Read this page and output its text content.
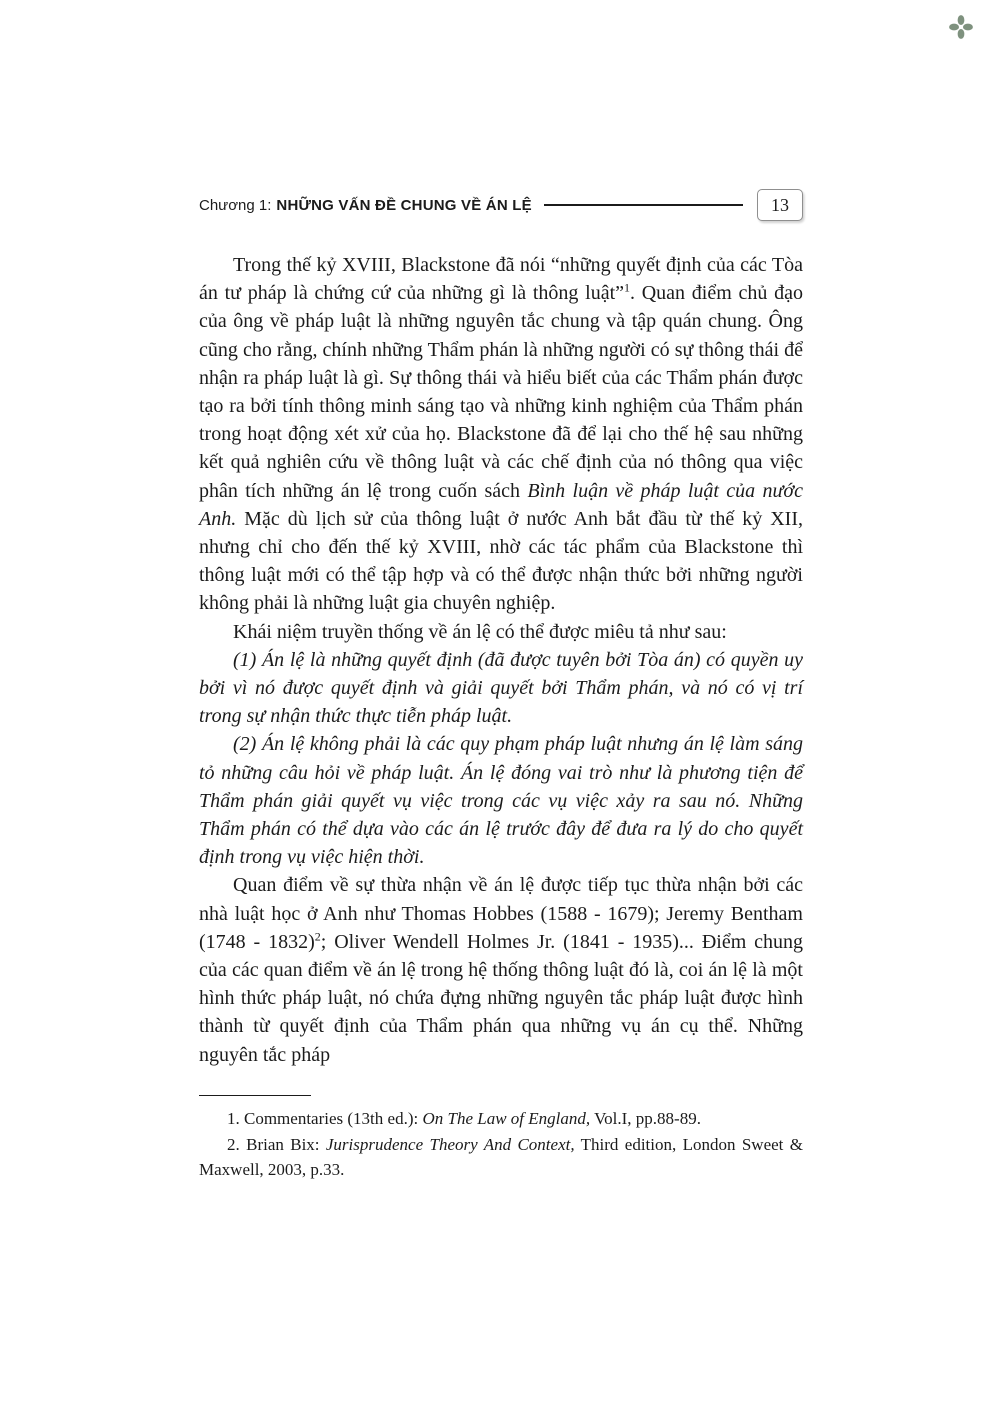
Chương 1: NHỮNG VẤN ĐỀ CHUNG VỀ ÁN LỆ	13

Trong thế kỷ XVIII, Blackstone đã nói “những quyết định của các Tòa án tư pháp là chứng cứ của những gì là thông luật”$^1$. Quan điểm chủ đạo của ông về pháp luật là những nguyên tắc chung và tập quán chung. Ông cũng cho rằng, chính những Thẩm phán là những người có sự thông thái để nhận ra pháp luật là gì. Sự thông thái và hiểu biết của các Thẩm phán được tạo ra bởi tính thông minh sáng tạo và những kinh nghiệm của Thẩm phán trong hoạt động xét xử của họ. Blackstone đã để lại cho thế hệ sau những kết quả nghiên cứu về thông luật và các chế định của nó thông qua việc phân tích những án lệ trong cuốn sách Bình luận về pháp luật của nước Anh. Mặc dù lịch sử của thông luật ở nước Anh bắt đầu từ thế kỷ XII, nhưng chỉ cho đến thế kỷ XVIII, nhờ các tác phẩm của Blackstone thì thông luật mới có thể tập hợp và có thể được nhận thức bởi những người không phải là những luật gia chuyên nghiệp.

Khái niệm truyền thống về án lệ có thể được miêu tả như sau:

(1) Án lệ là những quyết định (đã được tuyên bởi Tòa án) có quyền uy bởi vì nó được quyết định và giải quyết bởi Thẩm phán, và nó có vị trí trong sự nhận thức thực tiễn pháp luật.

(2) Án lệ không phải là các quy phạm pháp luật nhưng án lệ làm sáng tỏ những câu hỏi về pháp luật. Án lệ đóng vai trò như là phương tiện để Thẩm phán giải quyết vụ việc trong các vụ việc xảy ra sau nó. Những Thẩm phán có thể dựa vào các án lệ trước đây để đưa ra lý do cho quyết định trong vụ việc hiện thời.

Quan điểm về sự thừa nhận về án lệ được tiếp tục thừa nhận bởi các nhà luật học ở Anh như Thomas Hobbes (1588 - 1679); Jeremy Bentham (1748 - 1832)$^2$; Oliver Wendell Holmes Jr. (1841 - 1935)... Điểm chung của các quan điểm về án lệ trong hệ thống thông luật đó là, coi án lệ là một hình thức pháp luật, nó chứa đựng những nguyên tắc pháp luật được hình thành từ quyết định của Thẩm phán qua những vụ án cụ thể. Những nguyên tắc pháp

1. Commentaries (13th ed.): On The Law of England, Vol.I, pp.88-89.

2. Brian Bix: Jurisprudence Theory And Context, Third edition, London Sweet & Maxwell, 2003, p.33.
